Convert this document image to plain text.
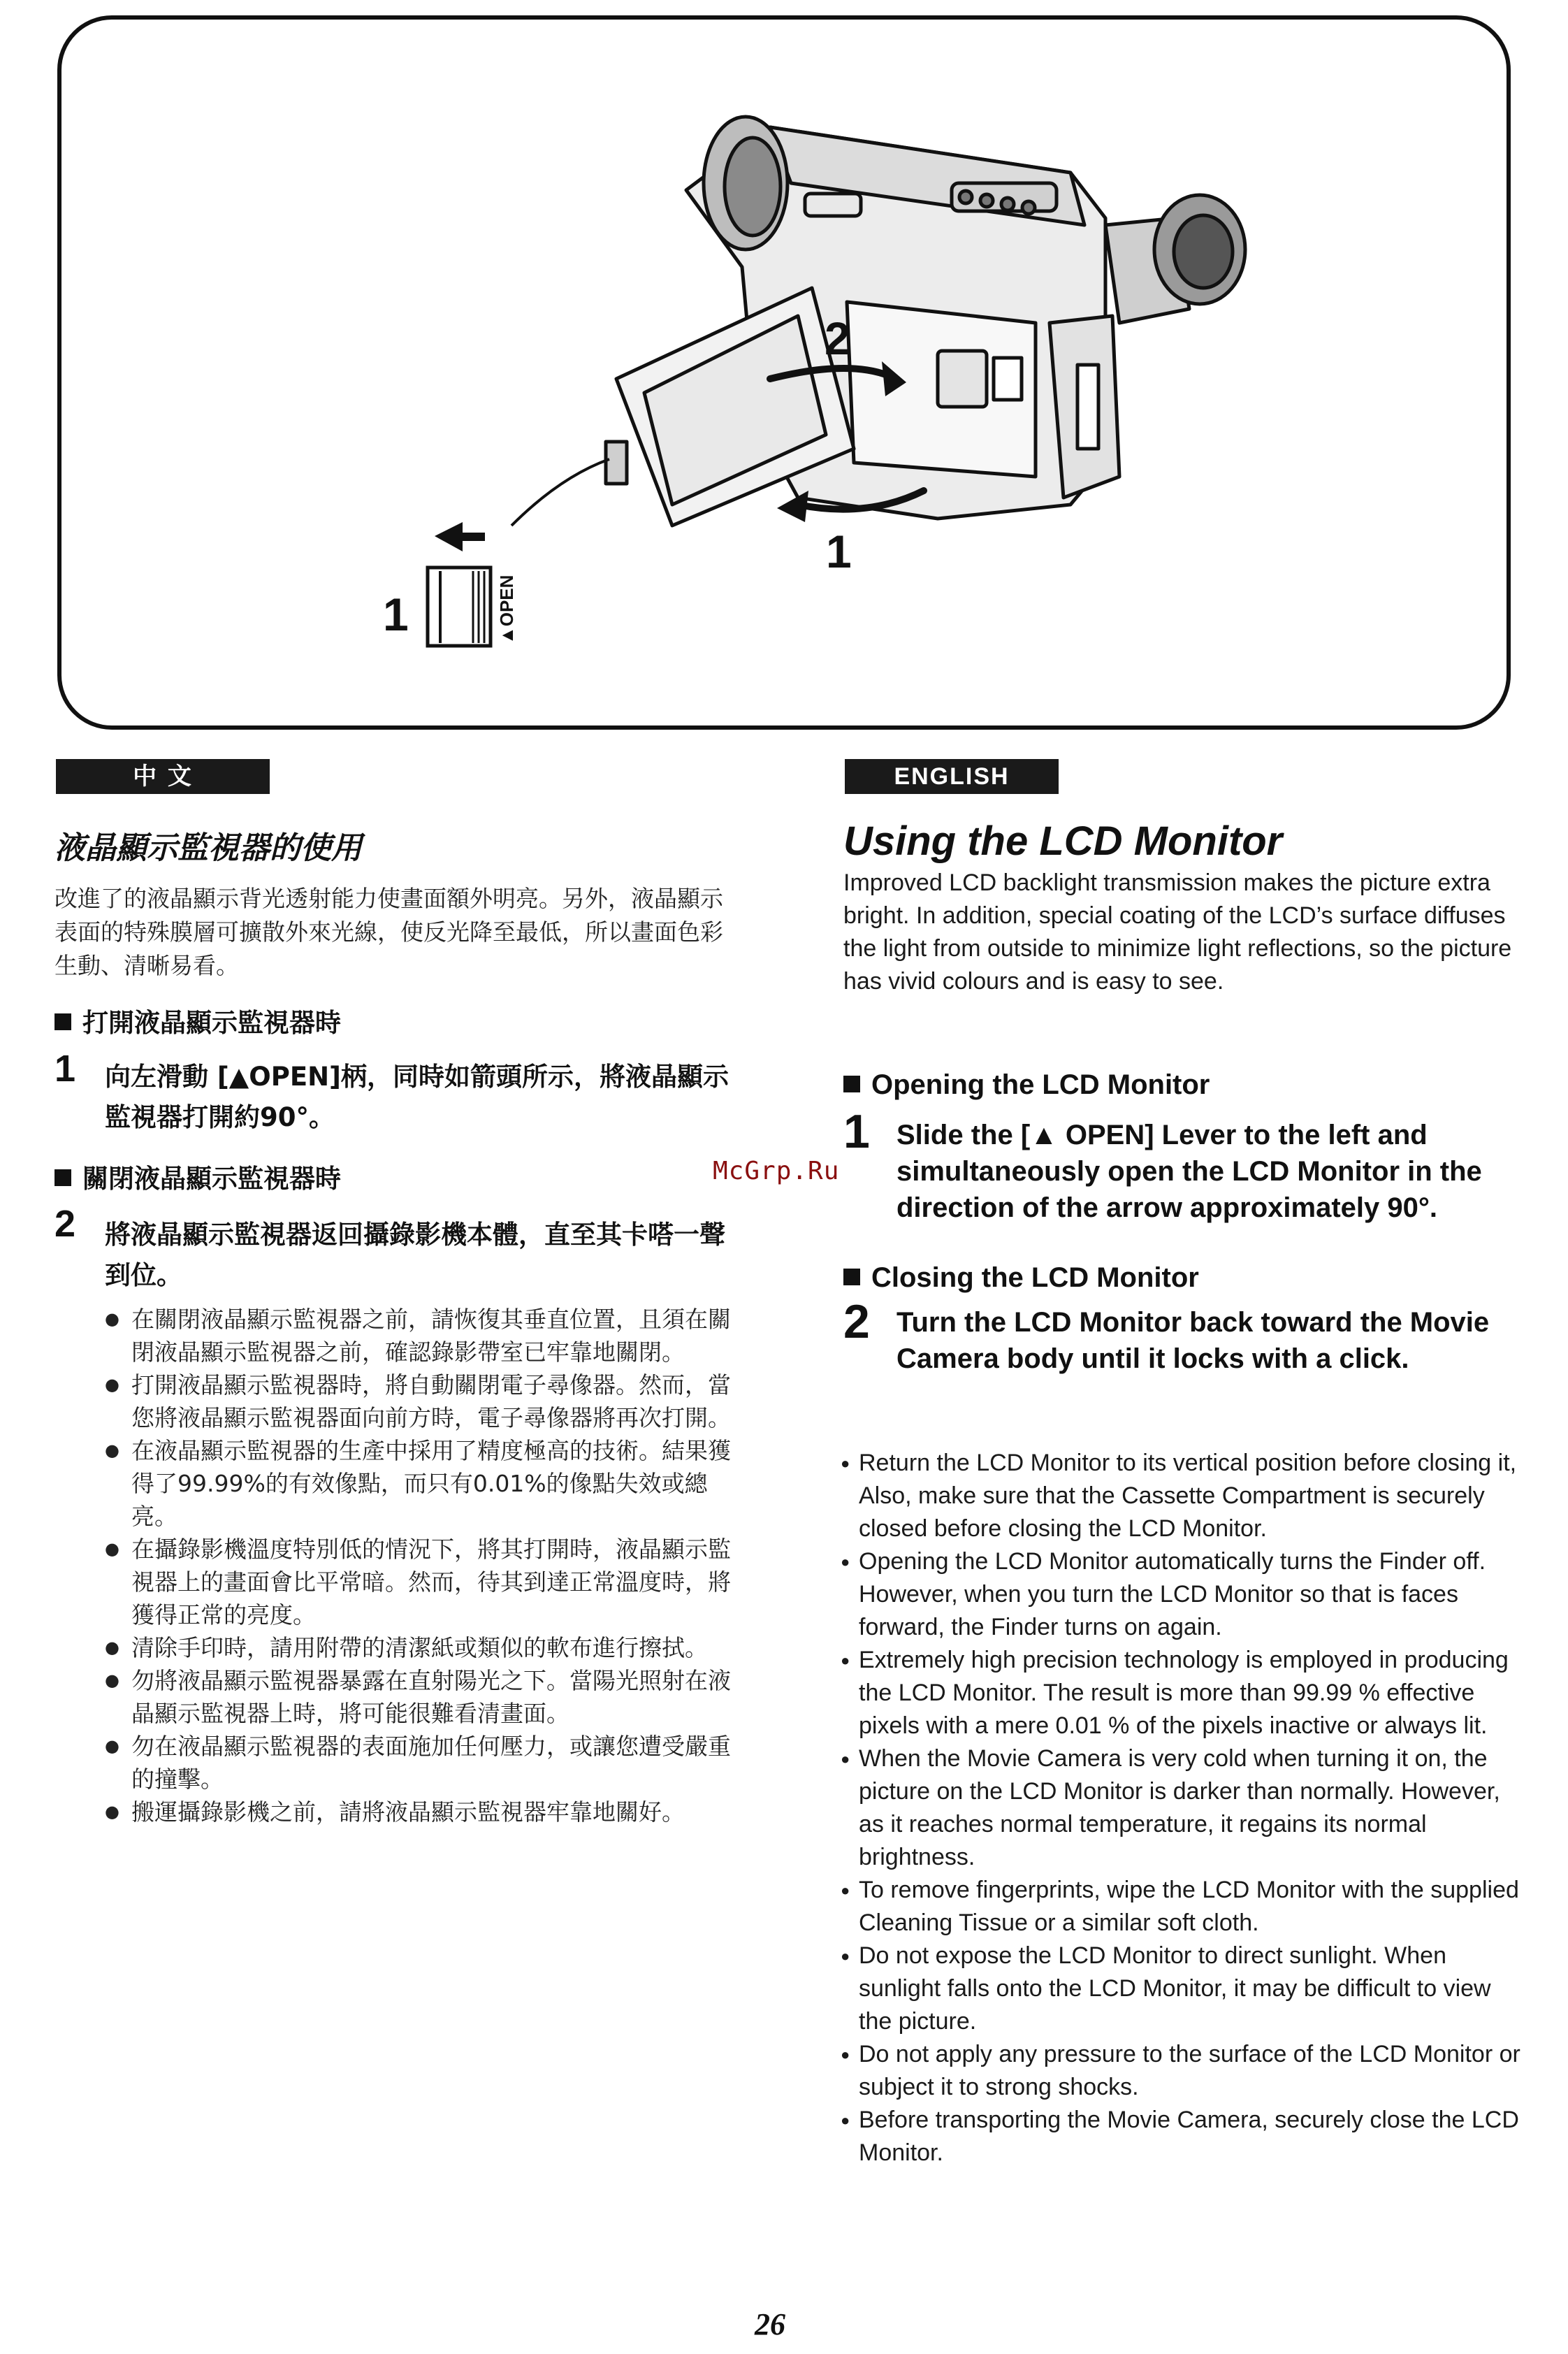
▲OPEN
1
1
2
中 文
液晶顯示監視器的使用
改進了的液晶顯示背光透射能力使畫面額外明亮。另外，液晶顯示表面的特殊膜層可擴散外來光線，使反光降至最低，所以畫面色彩生動、清晰易看。
打開液晶顯示監視器時
1 向左滑動 [▲OPEN]柄，同時如箭頭所示，將液晶顯示監視器打開約90°。
關閉液晶顯示監視器時
2 將液晶顯示監視器返回攝錄影機本體，直至其卡嗒一聲到位。

● 在關閉液晶顯示監視器之前，請恢復其垂直位置，且須在關閉液晶顯示監視器之前，確認錄影帶室已牢靠地關閉。

● 打開液晶顯示監視器時，將自動關閉電子尋像器。然而，當您將液晶顯示監視器面向前方時，電子尋像器將再次打開。

● 在液晶顯示監視器的生產中採用了精度極高的技術。結果獲得了99.99%的有效像點，而只有0.01%的像點失效或總亮。

● 在攝錄影機溫度特別低的情況下，將其打開時，液晶顯示監視器上的畫面會比平常暗。然而，待其到達正常溫度時，將獲得正常的亮度。

● 清除手印時，請用附帶的清潔紙或類似的軟布進行擦拭。

● 勿將液晶顯示監視器暴露在直射陽光之下。當陽光照射在液晶顯示監視器上時，將可能很難看清畫面。

● 勿在液晶顯示監視器的表面施加任何壓力，或讓您遭受嚴重的撞擊。

● 搬運攝錄影機之前，請將液晶顯示監視器牢靠地關好。

McGrp.Ru
ENGLISH
Using the LCD Monitor
Improved LCD backlight transmission makes the picture extra bright. In addition, special coating of the LCD’s surface diffuses the light from outside to minimize light reflections, so the picture has vivid colours and is easy to see.
Opening the LCD Monitor
1 Slide the [▲ OPEN] Lever to the left and simultaneously open the LCD Monitor in the direction of the arrow approximately 90°.
Closing the LCD Monitor
2 Turn the LCD Monitor back toward the Movie Camera body until it locks with a click.

● Return the LCD Monitor to its vertical position before closing it, Also, make sure that the Cassette Compartment is securely closed before closing the LCD Monitor.

● Opening the LCD Monitor automatically turns the Finder off. However, when you turn the LCD Monitor so that is faces forward, the Finder turns on again.

● Extremely high precision technology is employed in producing the LCD Monitor. The result is more than 99.99 % effective pixels with a mere 0.01 % of the pixels inactive or always lit.

● When the Movie Camera is very cold when turning it on, the picture on the LCD Monitor is darker than normally. However, as it reaches normal temperature, it regains its normal brightness.

● To remove fingerprints, wipe the LCD Monitor with the supplied Cleaning Tissue or a similar soft cloth.

● Do not expose the LCD Monitor to direct sunlight. When sunlight falls onto the LCD Monitor, it may be difficult to view the picture.

● Do not apply any pressure to the surface of the LCD Monitor or subject it to strong shocks.

● Before transporting the Movie Camera, securely close the LCD Monitor.

26
